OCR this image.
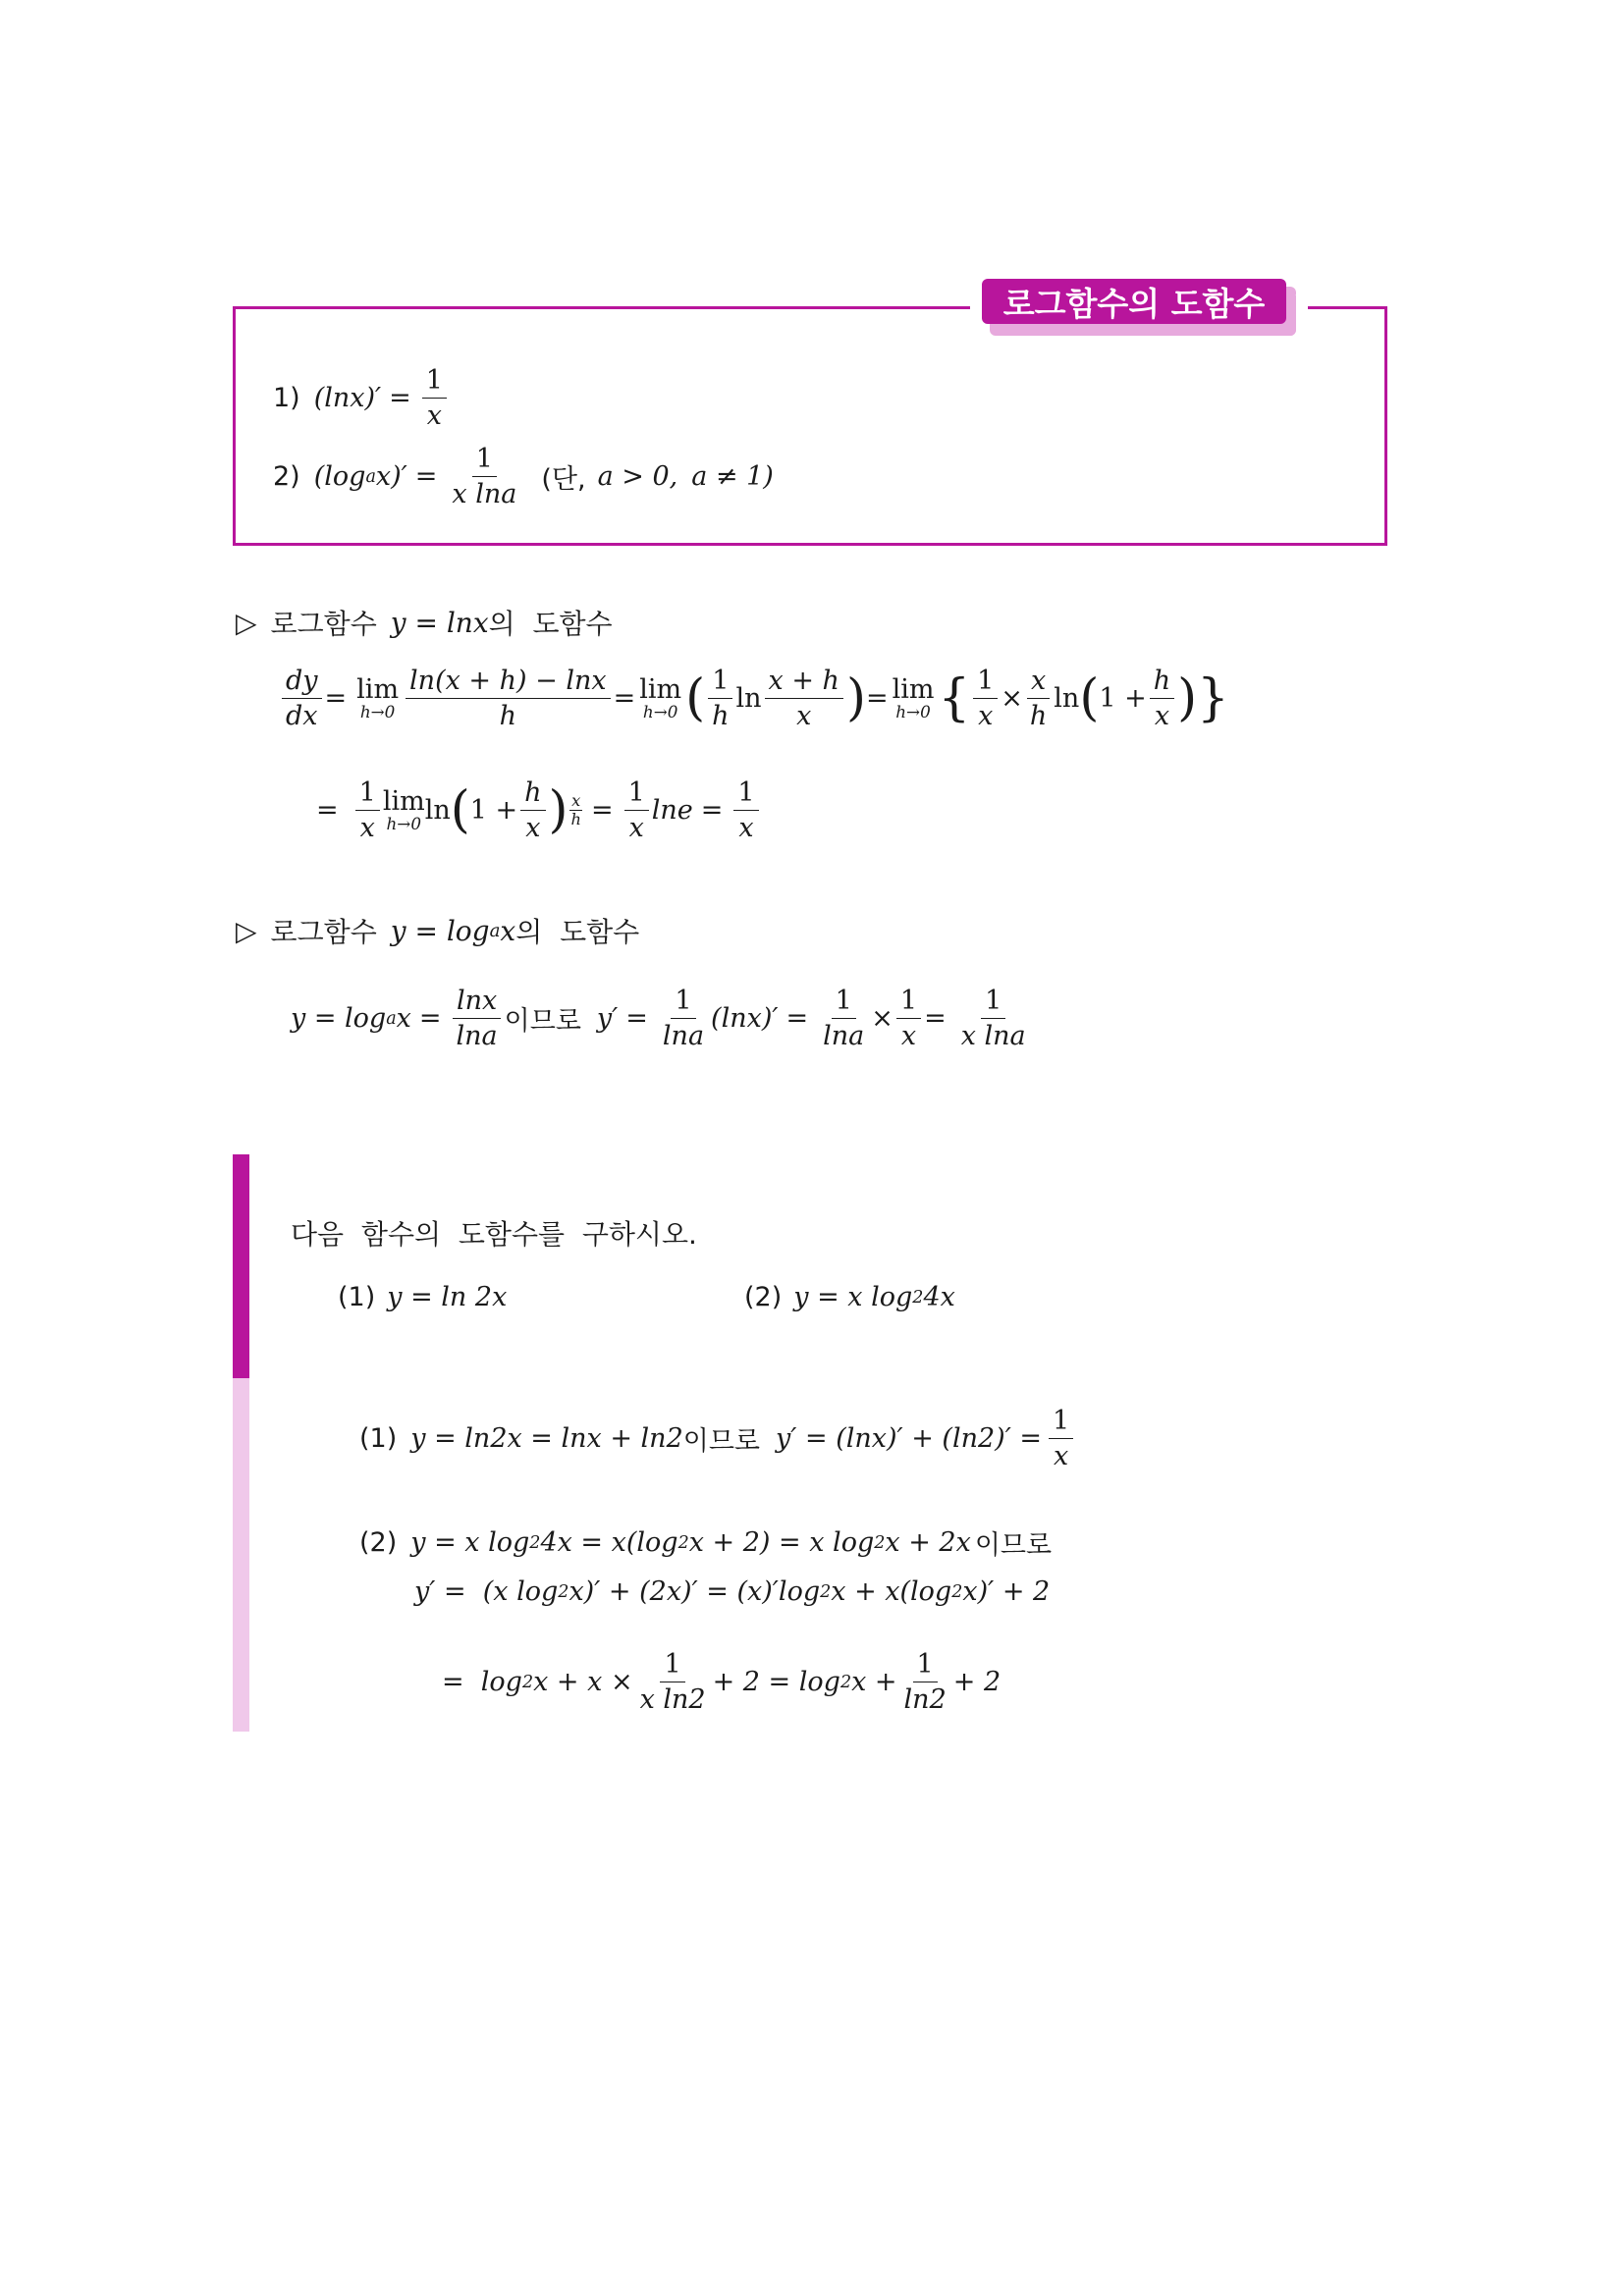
로그함수의 도함수
1) $(\ln x)' = \frac{1}{x}$
2) (log a $x)' = \frac{1}{\text{x lna}}$ (단, a > 0, a ≠ 1)
▷ 로그함수 y = lnx 의  도함수
$\frac{dy}{dx} = \lim$
$h\to 0 \frac{\ln(x + h) - \ln x}{h} = \lim$
h→0 ( $\frac{1}{h}$ $\ln \frac{x + h}{x}$ ) = lim
h→0 { $\frac{1}{x} \times \frac{x}{h}$ ln ( $1 + \frac{h}{x}$ ) }
= $\frac{1}{x}$ lim
h→0 ln ( $1 + \frac{h}{x}$ ) $\frac{x}{h} = \frac{1}{x}$ $\ln e = \frac{1}{x}$
▷ 로그함수 y = log a x 의  도함수
y = log a $x = \frac{\ln x}{\ln a}$ 이므로 $y' = \frac{1}{\ln a} (\ln x)' = \frac{1}{\ln a} \times \frac{1}{x} = \frac{1}{\text{x lna}}$
다음  함수의  도함수를  구하시오.
(1) y = ln 2x	(2) y = x log 2 4x
(1) y = ln2x = lnx + ln2 이므로 $y' = (\ln x)' + (\ln 2)' = \frac{1}{x}$
(2) y = x log 2 4x = x(log 2 x + 2) = x log 2 x + 2x 이므로
y′ =  (x log 2 x)′ + (2x)′ = (x)′log 2 x + x(log 2 x)′ + 2
=  log 2 $x + x \times \frac{1}{\text{x ln2}} + 2 = \log 2$ $x + \frac{1}{\ln 2} + 2$
